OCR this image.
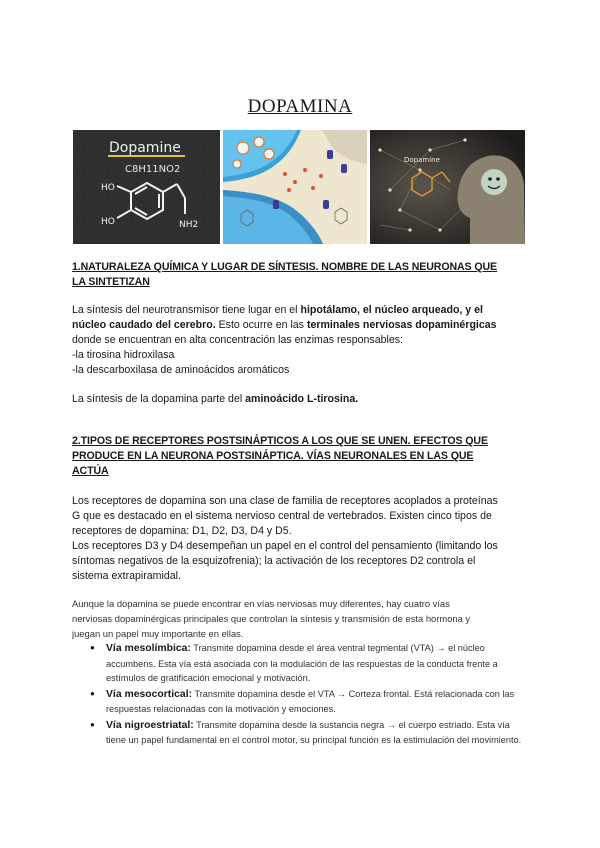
DOPAMINA
Dopamine
C8H11NO2
HO
HO	NH2
Dopamine
1.NATURALEZA QUÍMICA Y LUGAR DE SÍNTESIS. NOMBRE DE LAS NEURONAS QUE
LA SINTETIZAN
La síntesis del neurotransmisor tiene lugar en el hipotálamo, el núcleo arqueado, y el
núcleo caudado del cerebro. Esto ocurre en las terminales nerviosas dopaminérgicas
donde se encuentran en alta concentración las enzimas responsables:
-la tirosina hidroxilasa
-la descarboxilasa de aminoácidos aromáticos
La síntesis de la dopamina parte del aminoácido L-tirosina.
2.TIPOS DE RECEPTORES POSTSINÁPTICOS A LOS QUE SE UNEN. EFECTOS QUE
PRODUCE EN LA NEURONA POSTSINÁPTICA. VÍAS NEURONALES EN LAS QUE
ACTÚA
Los receptores de dopamina son una clase de familia de receptores acoplados a proteínas
G que es destacado en el sistema nervioso central de vertebrados. Existen cinco tipos de
receptores de dopamina: D1, D2, D3, D4 y D5.
Los receptores D3 y D4 desempeñan un papel en el control del pensamiento (limitando los
síntomas negativos de la esquizofrenia); la activación de los receptores D2 controla el
sistema extrapiramidal.
Aunque la dopamina se puede encontrar en vías nerviosas muy diferentes, hay cuatro vías
nerviosas dopaminérgicas principales que controlan la síntesis y transmisión de esta hormona y
juegan un papel muy importante en ellas.
● Vía mesolímbica: Transmite dopamina desde el área ventral tegmental (VTA) → el núcleo accumbens. Esta vía está asociada con la modulación de las respuestas de la conducta frente a estímulos de gratificación emocional y motivación.
● Vía mesocortical: Transmite dopamina desde el VTA → Corteza frontal. Está relacionada con las respuestas relacionadas con la motivación y emociones.
● Vía nigroestriatal: Transmite dopamina desde la sustancia negra → el cuerpo estriado. Esta vía tiene un papel fundamental en el control motor, su principal función es la estimulación del movimiento.
